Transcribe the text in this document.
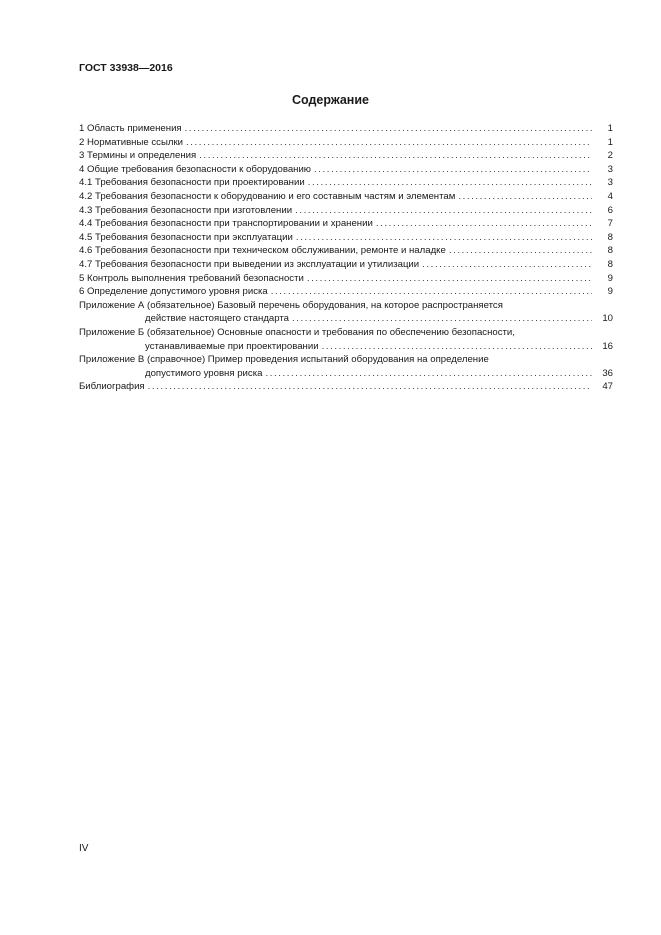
ГОСТ 33938—2016
Содержание
1 Область применения .....	1
2 Нормативные ссылки .....	1
3 Термины и определения .....	2
4 Общие требования безопасности к оборудованию .....	3
4.1 Требования безопасности при проектировании .....	3
4.2 Требования безопасности к оборудованию и его составным частям и элементам .....	4
4.3 Требования безопасности при изготовлении .....	6
4.4 Требования безопасности при транспортировании и хранении .....	7
4.5 Требования безопасности при эксплуатации .....	8
4.6 Требования безопасности при техническом обслуживании, ремонте и наладке .....	8
4.7 Требования безопасности при выведении из эксплуатации и утилизации .....	8
5 Контроль выполнения требований безопасности .....	9
6 Определение допустимого уровня риска .....	9
Приложение А (обязательное) Базовый перечень оборудования, на которое распространяется
действие настоящего стандарта .....	10
Приложение Б (обязательное) Основные опасности и требования по обеспечению безопасности,
устанавливаемые при проектировании .....	16
Приложение В (справочное) Пример проведения испытаний оборудования на определение
допустимого уровня риска .....	36
Библиография .....	47
IV
